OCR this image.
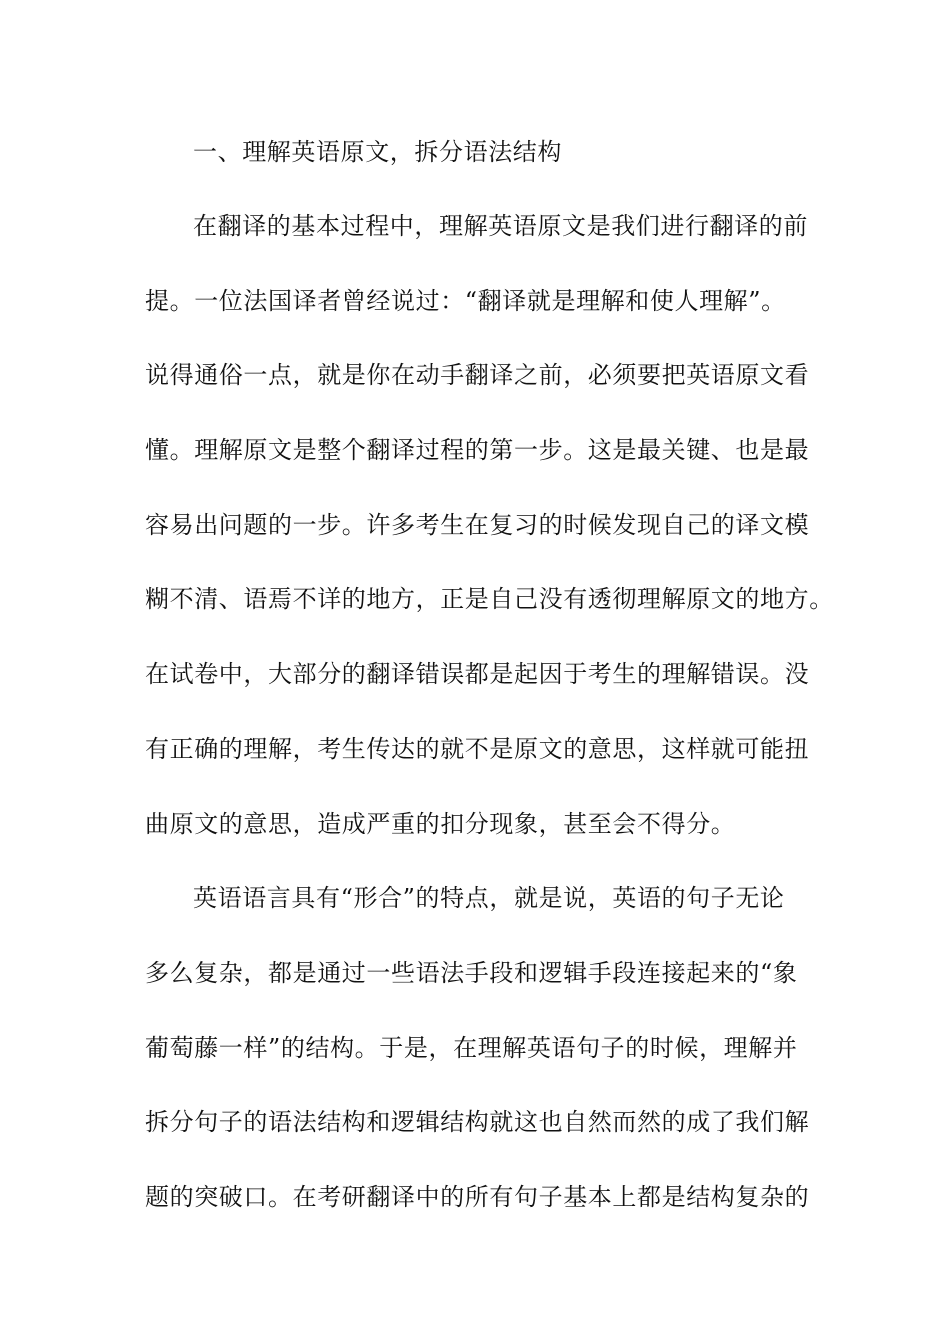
一、理解英语原文，拆分语法结构
在翻译的基本过程中，理解英语原文是我们进行翻译的前
提。一位法国译者曾经说过：“翻译就是理解和使人理解”。
说得通俗一点，就是你在动手翻译之前，必须要把英语原文看
懂。理解原文是整个翻译过程的第一步。这是最关键、也是最
容易出问题的一步。许多考生在复习的时候发现自己的译文模
糊不清、语焉不详的地方，正是自己没有透彻理解原文的地方。
在试卷中，大部分的翻译错误都是起因于考生的理解错误。没
有正确的理解，考生传达的就不是原文的意思，这样就可能扭
曲原文的意思，造成严重的扣分现象，甚至会不得分。
英语语言具有“形合”的特点，就是说，英语的句子无论
多么复杂，都是通过一些语法手段和逻辑手段连接起来的“象
葡萄藤一样”的结构。于是，在理解英语句子的时候，理解并
拆分句子的语法结构和逻辑结构就这也自然而然的成了我们解
题的突破口。在考研翻译中的所有句子基本上都是结构复杂的
